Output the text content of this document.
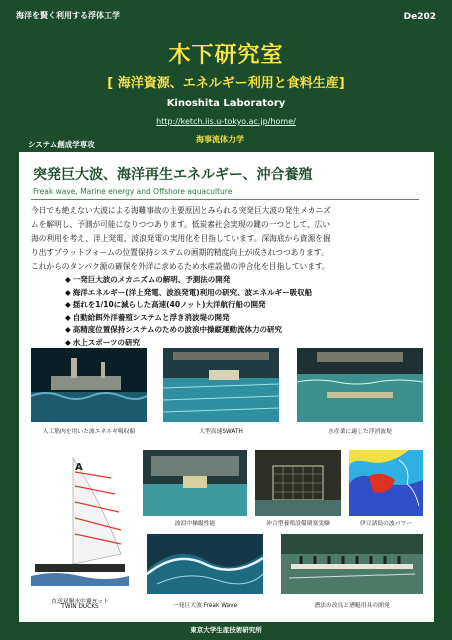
海洋を賢く利用する浮体工学	De202
木下研究室
[ 海洋資源、エネルギー利用と食料生産]
Kinoshita Laboratory
http://ketch.iis.u-tokyo.ac.jp/home/
システム創成学専攻
海事流体力学
突発巨大波、海洋再生エネルギー、沖合養殖
Freak wave, Marine energy and Offshore aquaculture
今日でも絶えない大波による海難事故の主要原因とみられる突発巨大波の発生メカニズ
ムを解明し、予測が可能になりつつあります。低炭素社会実現の鍵の一つとして、広い
海の利用を考え、洋上発電、波浪発電の実用化を目指しています。深海底から資源を掘
り出すプラットフォームの位置保持システムの画期的精度向上が成されつつあります。
これからのタンパク源の確保を外洋に求めるため水産設備の沖合化を目指しています。
◆ 一発巨大波のメカニズムの解明、予測法の開発
◆ 海洋エネルギー(洋上発電、波浪発電)利用の研究、波エネルギー吸収船
◆ 揺れを1/10に減らした高速(40ノット)大洋航行船の開発
◆ 自動給餌外洋養殖システムと浮き消波堤の開発
◆ 高精度位置保持システムのための波浪中操縦運動流体力の研究
◆ 水上スポーツの研究
人工筋肉を用いた波エネルギ吸収船	大型高速SWATH	水産業に適した浮消波堤
A
直送双胴水中翼ヨット
TWIN DUCKS
波浪中操縦性能	沖合型養殖設備閉塞実験	伊豆諸島の波パワー
一発巨大波 Freak Wave	漕法の改良と漕艇用具の開発
東京大学生産技術研究所
